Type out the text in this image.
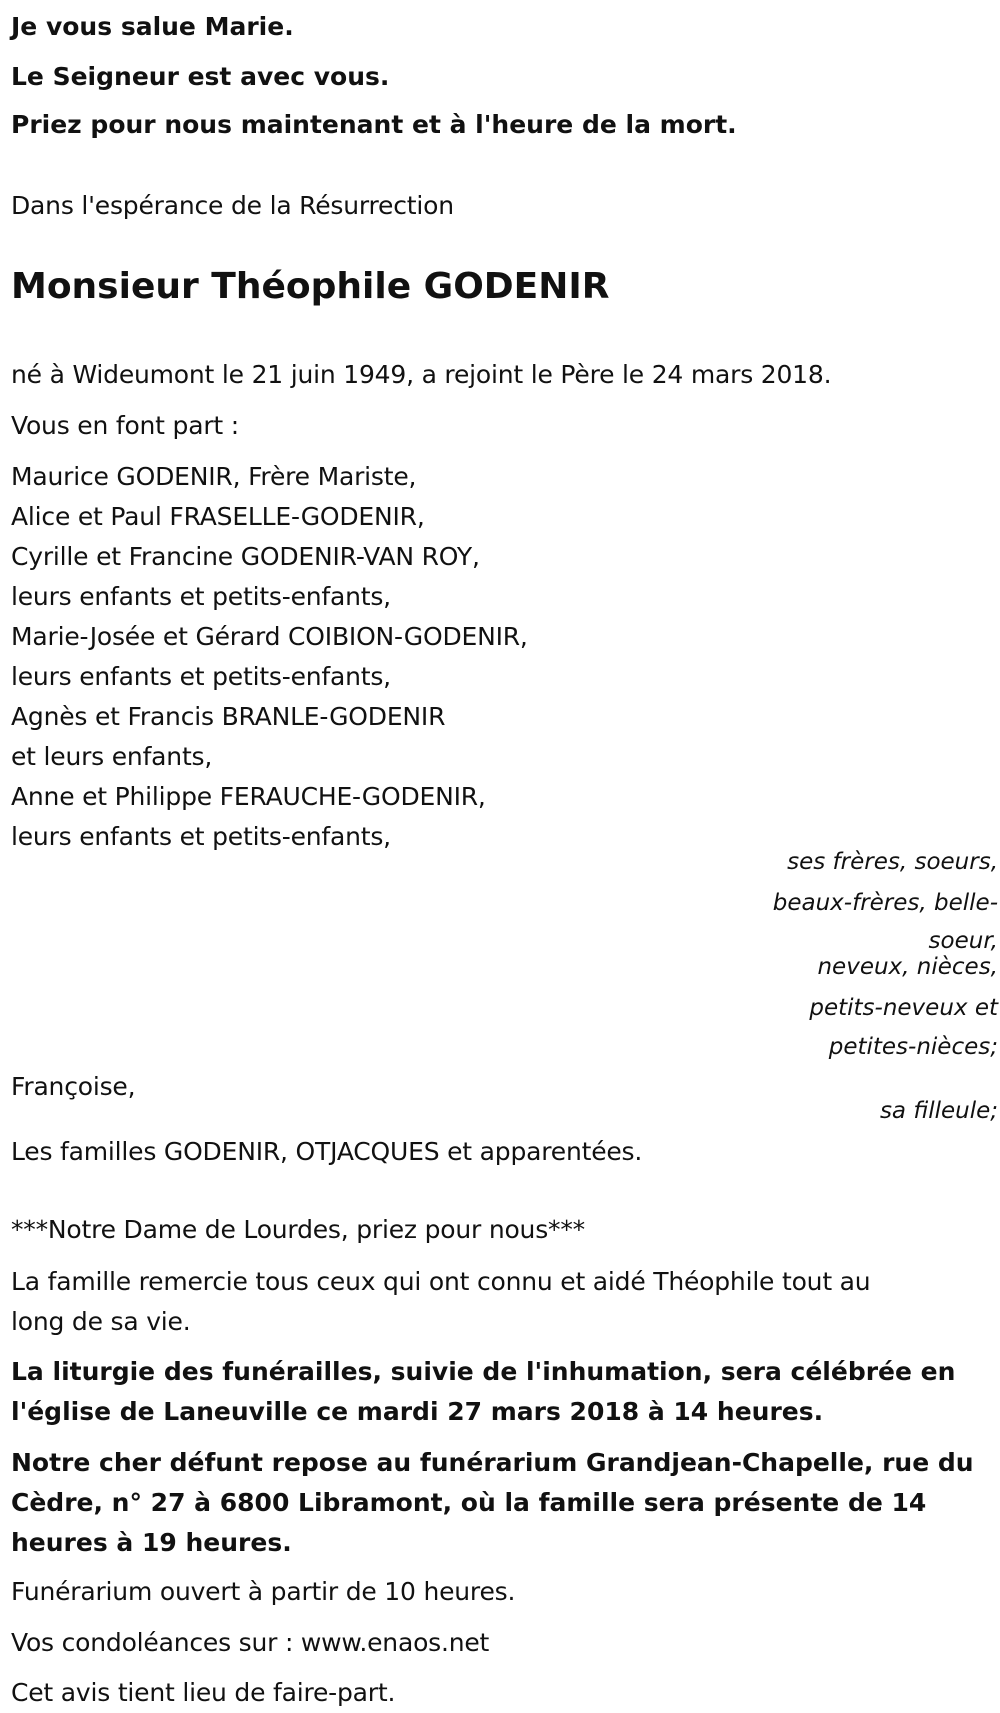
Je vous salue Marie.
Le Seigneur est avec vous.
Priez pour nous maintenant et à l'heure de la mort.
Dans l'espérance de la Résurrection
Monsieur Théophile GODENIR
né à Wideumont le 21 juin 1949, a rejoint le Père le 24 mars 2018.
Vous en font part :
Maurice GODENIR, Frère Mariste,
Alice et Paul FRASELLE-GODENIR,
Cyrille et Francine GODENIR-VAN ROY,
leurs enfants et petits-enfants,
Marie-Josée et Gérard COIBION-GODENIR,
leurs enfants et petits-enfants,
Agnès et Francis BRANLE-GODENIR
et leurs enfants,
Anne et Philippe FERAUCHE-GODENIR,
leurs enfants et petits-enfants,
ses frères, soeurs,
beaux-frères, belle-
soeur,
neveux, nièces,
petits-neveux et
petites-nièces;
Françoise,
sa filleule;
Les familles GODENIR, OTJACQUES et apparentées.
***Notre Dame de Lourdes, priez pour nous***
La famille remercie tous ceux qui ont connu et aidé Théophile tout au
long de sa vie.
La liturgie des funérailles, suivie de l'inhumation, sera célébrée en
l'église de Laneuville ce mardi 27 mars 2018 à 14 heures.
Notre cher défunt repose au funérarium Grandjean-Chapelle, rue du
Cèdre, n° 27 à 6800 Libramont, où la famille sera présente de 14
heures à 19 heures.
Funérarium ouvert à partir de 10 heures.
Vos condoléances sur : www.enaos.net
Cet avis tient lieu de faire-part.
